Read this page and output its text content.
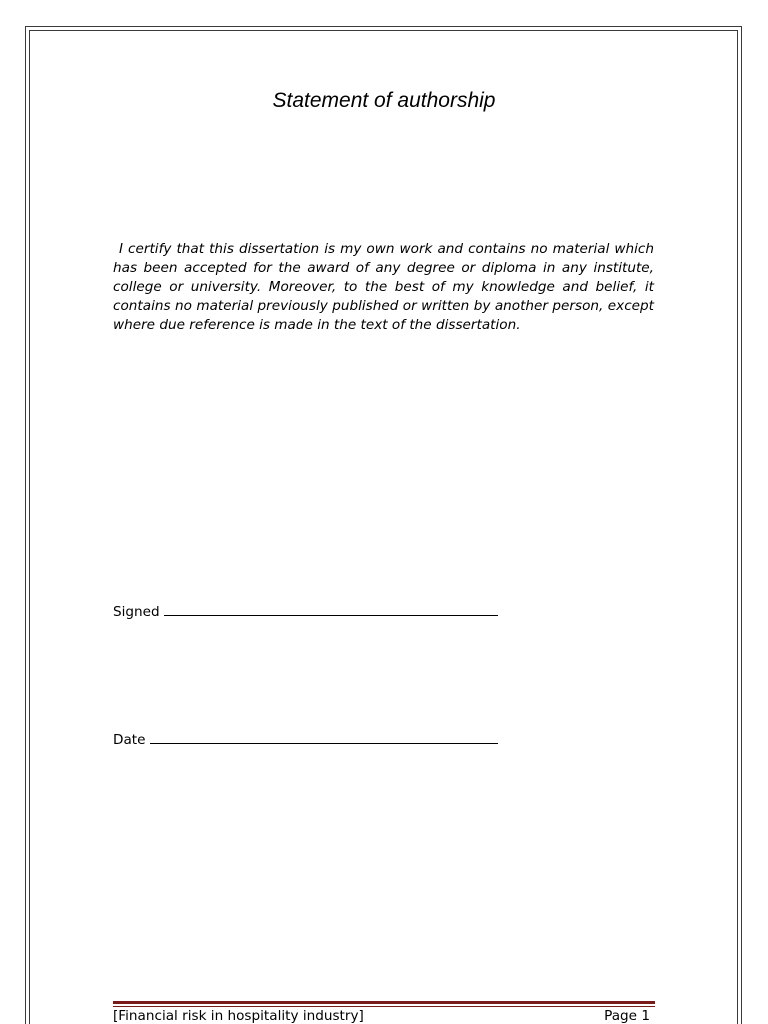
Statement of authorship

I certify that this dissertation is my own work and contains no material which has been accepted for the award of any degree or diploma in any institute, college or university. Moreover, to the best of my knowledge and belief, it contains no material previously published or written by another person, except where due reference is made in the text of the dissertation.

Signed
Date
[Financial risk in hospitality industry]	Page 1
